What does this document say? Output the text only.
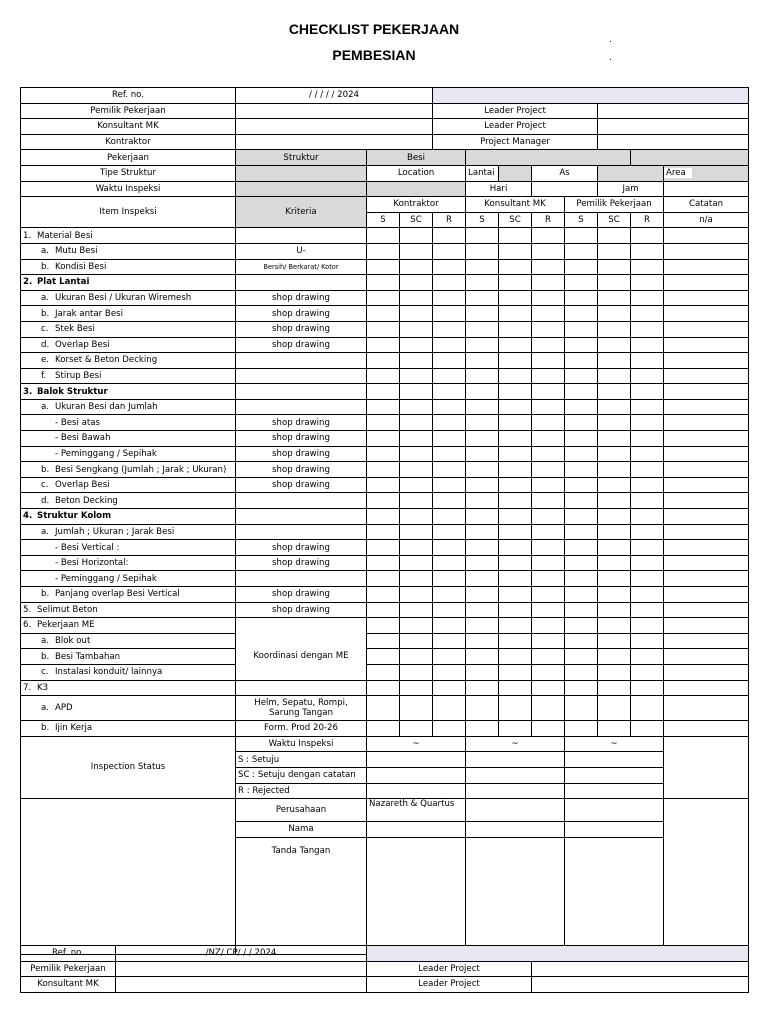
CHECKLIST PEKERJAAN
PEMBESIAN
.
.
Ref. no.	/ / / / / 2024										
Pemilik Pekerjaan				Leader Project							
Konsultant MK				Leader Project							
Kontraktor				Project Manager							
Pekerjaan	Struktur	Besi									
Tipe Struktur		Location			Lantai		As				Area
Waktu Inspeksi					Hari				Jam		
Item Inspeksi	Kriteria	Kontraktor			Konsultant MK			Pemilik Pekerjaan			Catatan
		S	SC	R	S	SC	R	S	SC	R	n/a
1. Material Besi											
a. Mutu Besi	U-										
b. Kondisi Besi	Bersih/ Berkarat/ Kotor										
2. Plat Lantai											
a. Ukuran Besi / Ukuran Wiremesh	shop drawing										
b. Jarak antar Besi	shop drawing										
c. Stek Besi	shop drawing										
d. Overlap Besi	shop drawing										
e. Korset & Beton Decking											
f. Stirup Besi											
3. Balok Struktur											
a. Ukuran Besi dan Jumlah											
- Besi atas	shop drawing										
- Besi Bawah	shop drawing										
- Peminggang / Sepihak	shop drawing										
b. Besi Sengkang (Jumlah ; Jarak ; Ukuran)	shop drawing										
c. Overlap Besi	shop drawing										
d. Beton Decking											
4. Struktur Kolom											
a. Jumlah ; Ukuran ; Jarak Besi											
- Besi Vertical :	shop drawing										
- Besi Horizontal:	shop drawing										
- Peminggang / Sepihak											
b. Panjang overlap Besi Vertical	shop drawing										
5. Selimut Beton	shop drawing										
6. Pekerjaan ME											
a. Blok out	Koordinasi dengan ME										
b. Besi Tambahan											
c. Instalasi konduit/ lainnya											
7. K3											
a. APD	Helm, Sepatu, Rompi, Sarung Tangan										
b. Ijin Kerja	Form. Prod 20-26										
Inspection Status	Waktu Inspeksi	~			~			~			
	S : Setuju										
	SC : Setuju dengan catatan										
	R : Rejected										
	Perusahaan	Nazareth & Quartus									
	Nama										
	Tanda Tangan										
Ref. no.	/NZ/ CP/ / / 2024		
Pemilik Pekerjaan		Leader Project	
Konsultant MK		Leader Project	
